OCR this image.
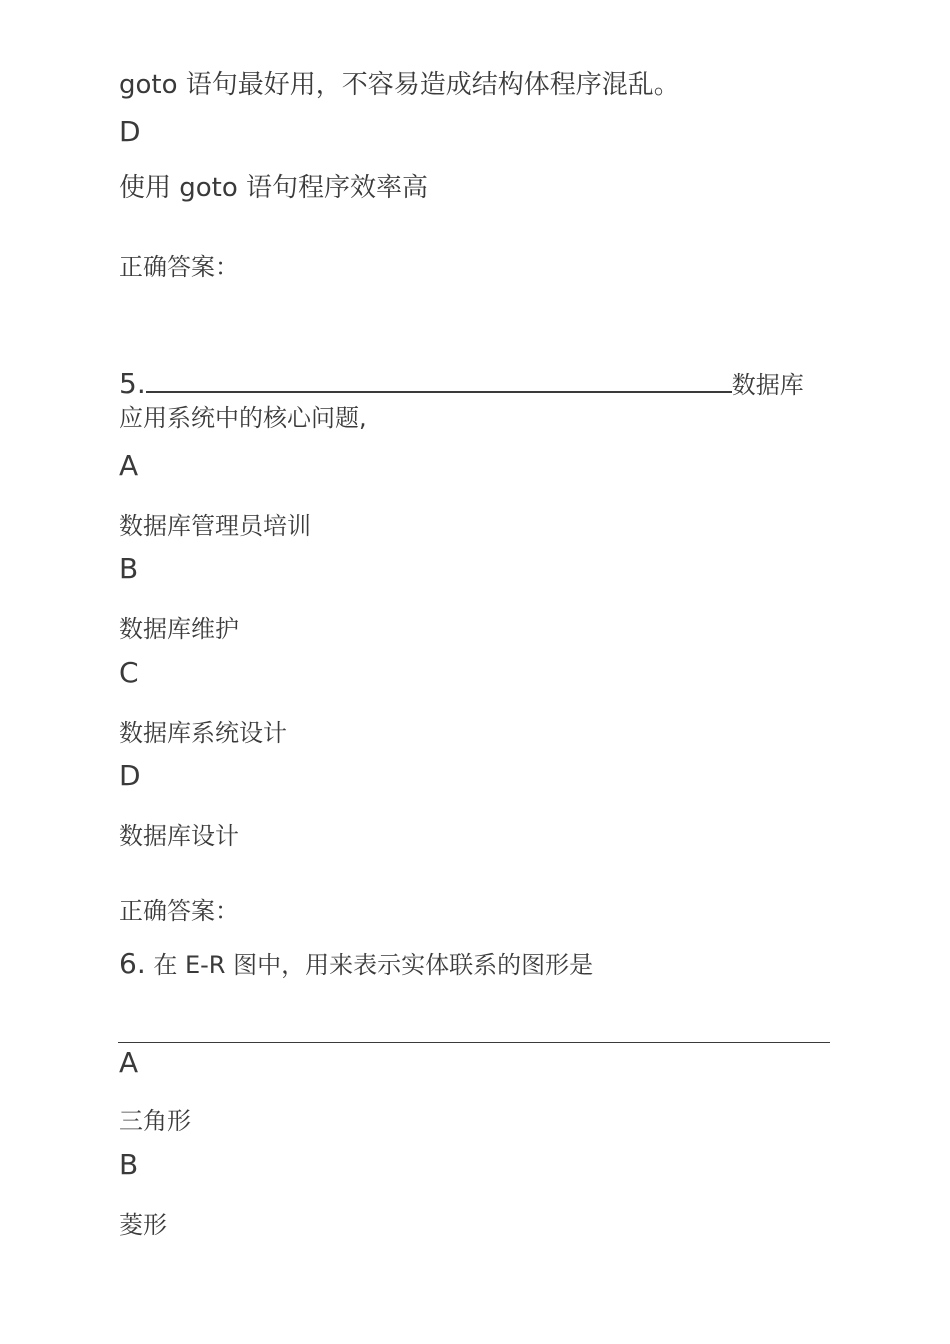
goto 语句最好用，不容易造成结构体程序混乱。
D
使用 goto 语句程序效率高
正确答案：
5.	数据库
应用系统中的核心问题,
A
数据库管理员培训
B
数据库维护
C
数据库系统设计
D
数据库设计
正确答案：
6. 在 E-R 图中，用来表示实体联系的图形是
A
三角形
B
菱形
